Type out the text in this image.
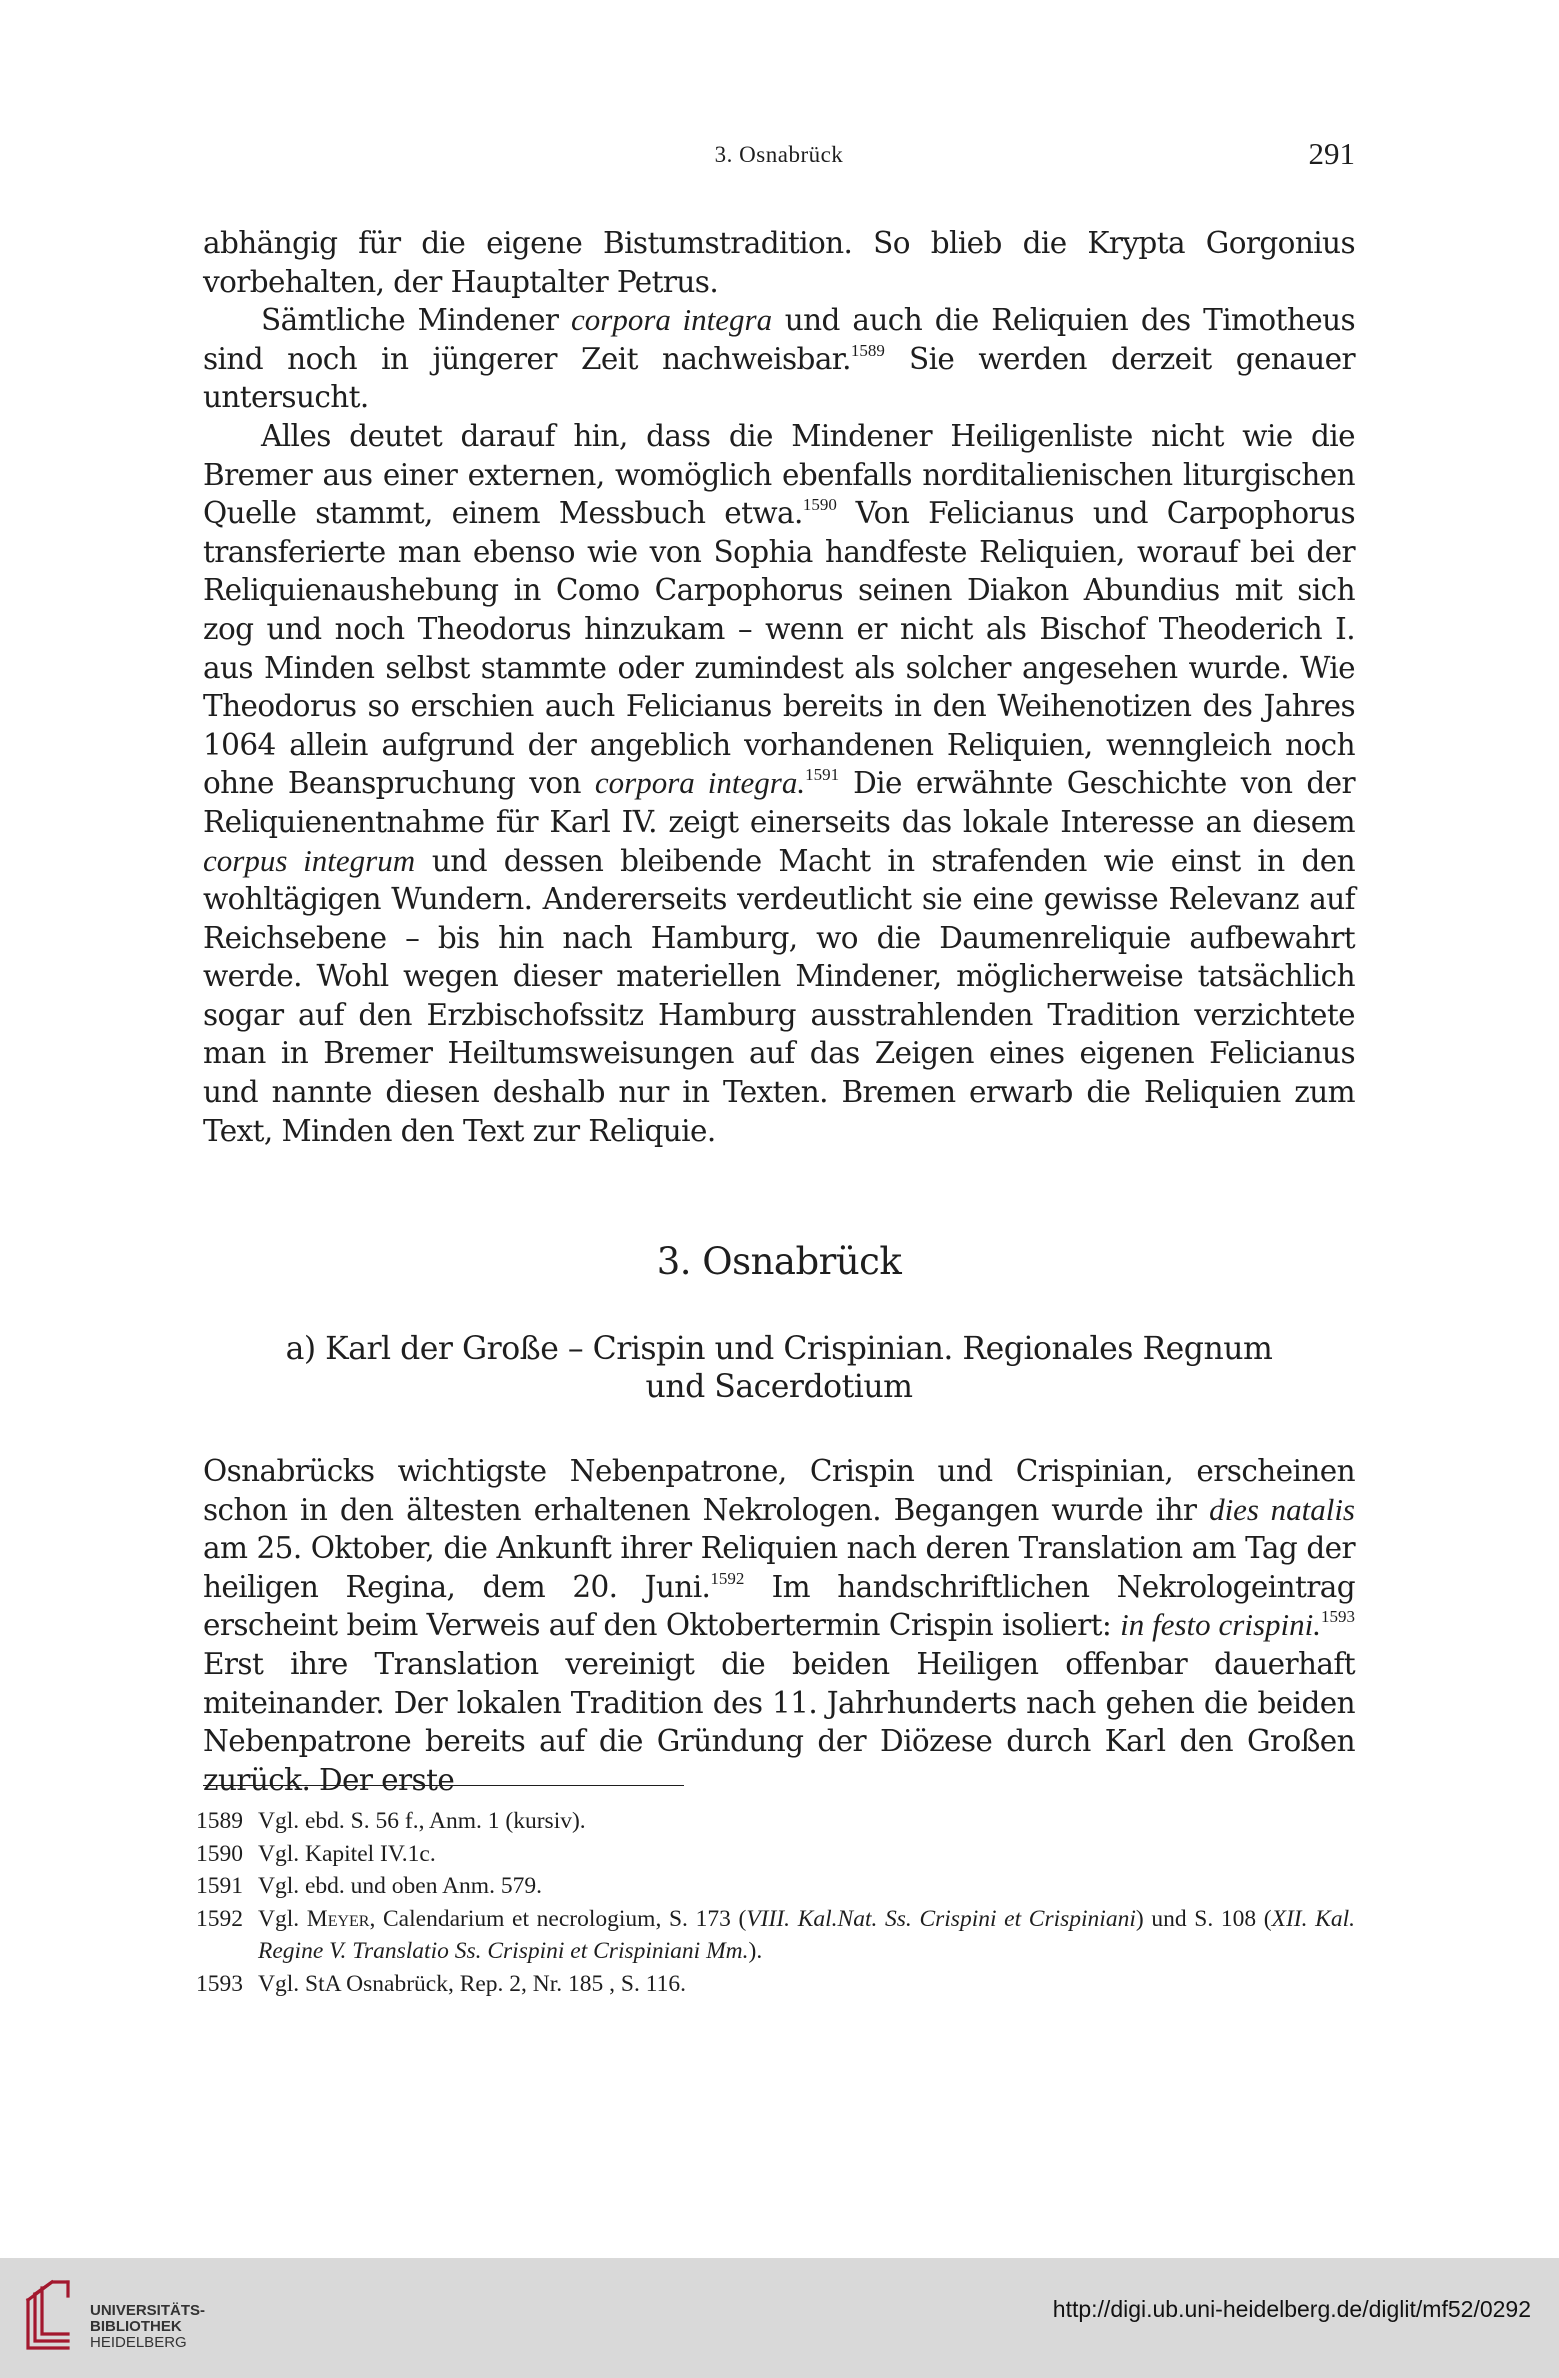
3. Osnabrück	291

abhängig für die eigene Bistumstradition. So blieb die Krypta Gorgonius vorbehalten, der Hauptalter Petrus.

Sämtliche Mindener corpora integra und auch die Reliquien des Timotheus sind noch in jüngerer Zeit nachweisbar.$^{1589}$ Sie werden derzeit genauer untersucht.

Alles deutet darauf hin, dass die Mindener Heiligenliste nicht wie die Bremer aus einer externen, womöglich ebenfalls norditalienischen liturgischen Quelle stammt, einem Messbuch etwa.$^{1590}$ Von Felicianus und Carpophorus transferierte man ebenso wie von Sophia handfeste Reliquien, worauf bei der Reliquienaushebung in Como Carpophorus seinen Diakon Abundius mit sich zog und noch Theodorus hinzukam – wenn er nicht als Bischof Theoderich I. aus Minden selbst stammte oder zumindest als solcher angesehen wurde. Wie Theodorus so erschien auch Felicianus bereits in den Weihenotizen des Jahres 1064 allein aufgrund der angeblich vorhandenen Reliquien, wenngleich noch ohne Beanspruchung von corpora integra.$^{1591}$ Die erwähnte Geschichte von der Reliquienentnahme für Karl IV. zeigt einerseits das lokale Interesse an diesem corpus integrum und dessen bleibende Macht in strafenden wie einst in den wohltägigen Wundern. Andererseits verdeutlicht sie eine gewisse Relevanz auf Reichsebene – bis hin nach Hamburg, wo die Daumenreliquie aufbewahrt werde. Wohl wegen dieser materiellen Mindener, möglicherweise tatsächlich sogar auf den Erzbischofssitz Hamburg ausstrahlenden Tradition verzichtete man in Bremer Heiltumsweisungen auf das Zeigen eines eigenen Felicianus und nannte diesen deshalb nur in Texten. Bremen erwarb die Reliquien zum Text, Minden den Text zur Reliquie.

3. Osnabrück
a) Karl der Große – Crispin und Crispinian. Regionales Regnum
und Sacerdotium

Osnabrücks wichtigste Nebenpatrone, Crispin und Crispinian, erscheinen schon in den ältesten erhaltenen Nekrologen. Begangen wurde ihr dies natalis am 25. Oktober, die Ankunft ihrer Reliquien nach deren Translation am Tag der heiligen Regina, dem 20. Juni.$^{1592}$ Im handschriftlichen Nekrologeintrag erscheint beim Verweis auf den Oktobertermin Crispin isoliert: in festo crispini.$^{1593}$ Erst ihre Translation vereinigt die beiden Heiligen offenbar dauerhaft miteinander. Der lokalen Tradition des 11. Jahrhunderts nach gehen die beiden Nebenpatrone bereits auf die Gründung der Diözese durch Karl den Großen zurück. Der erste

1589 Vgl. ebd. S. 56 f., Anm. 1 (kursiv).
1590 Vgl. Kapitel IV.1c.
1591 Vgl. ebd. und oben Anm. 579.
1592 Vgl. Meyer, Calendarium et necrologium, S. 173 (VIII. Kal.Nat. Ss. Crispini et Crispiniani) und S. 108 (XII. Kal. Regine V. Translatio Ss. Crispini et Crispiniani Mm.).
1593 Vgl. StA Osnabrück, Rep. 2, Nr. 185 , S. 116.
UNIVERSITÄTS-
BIBLIOTHEK
HEIDELBERG
http://digi.ub.uni-heidelberg.de/diglit/mf52/0292
